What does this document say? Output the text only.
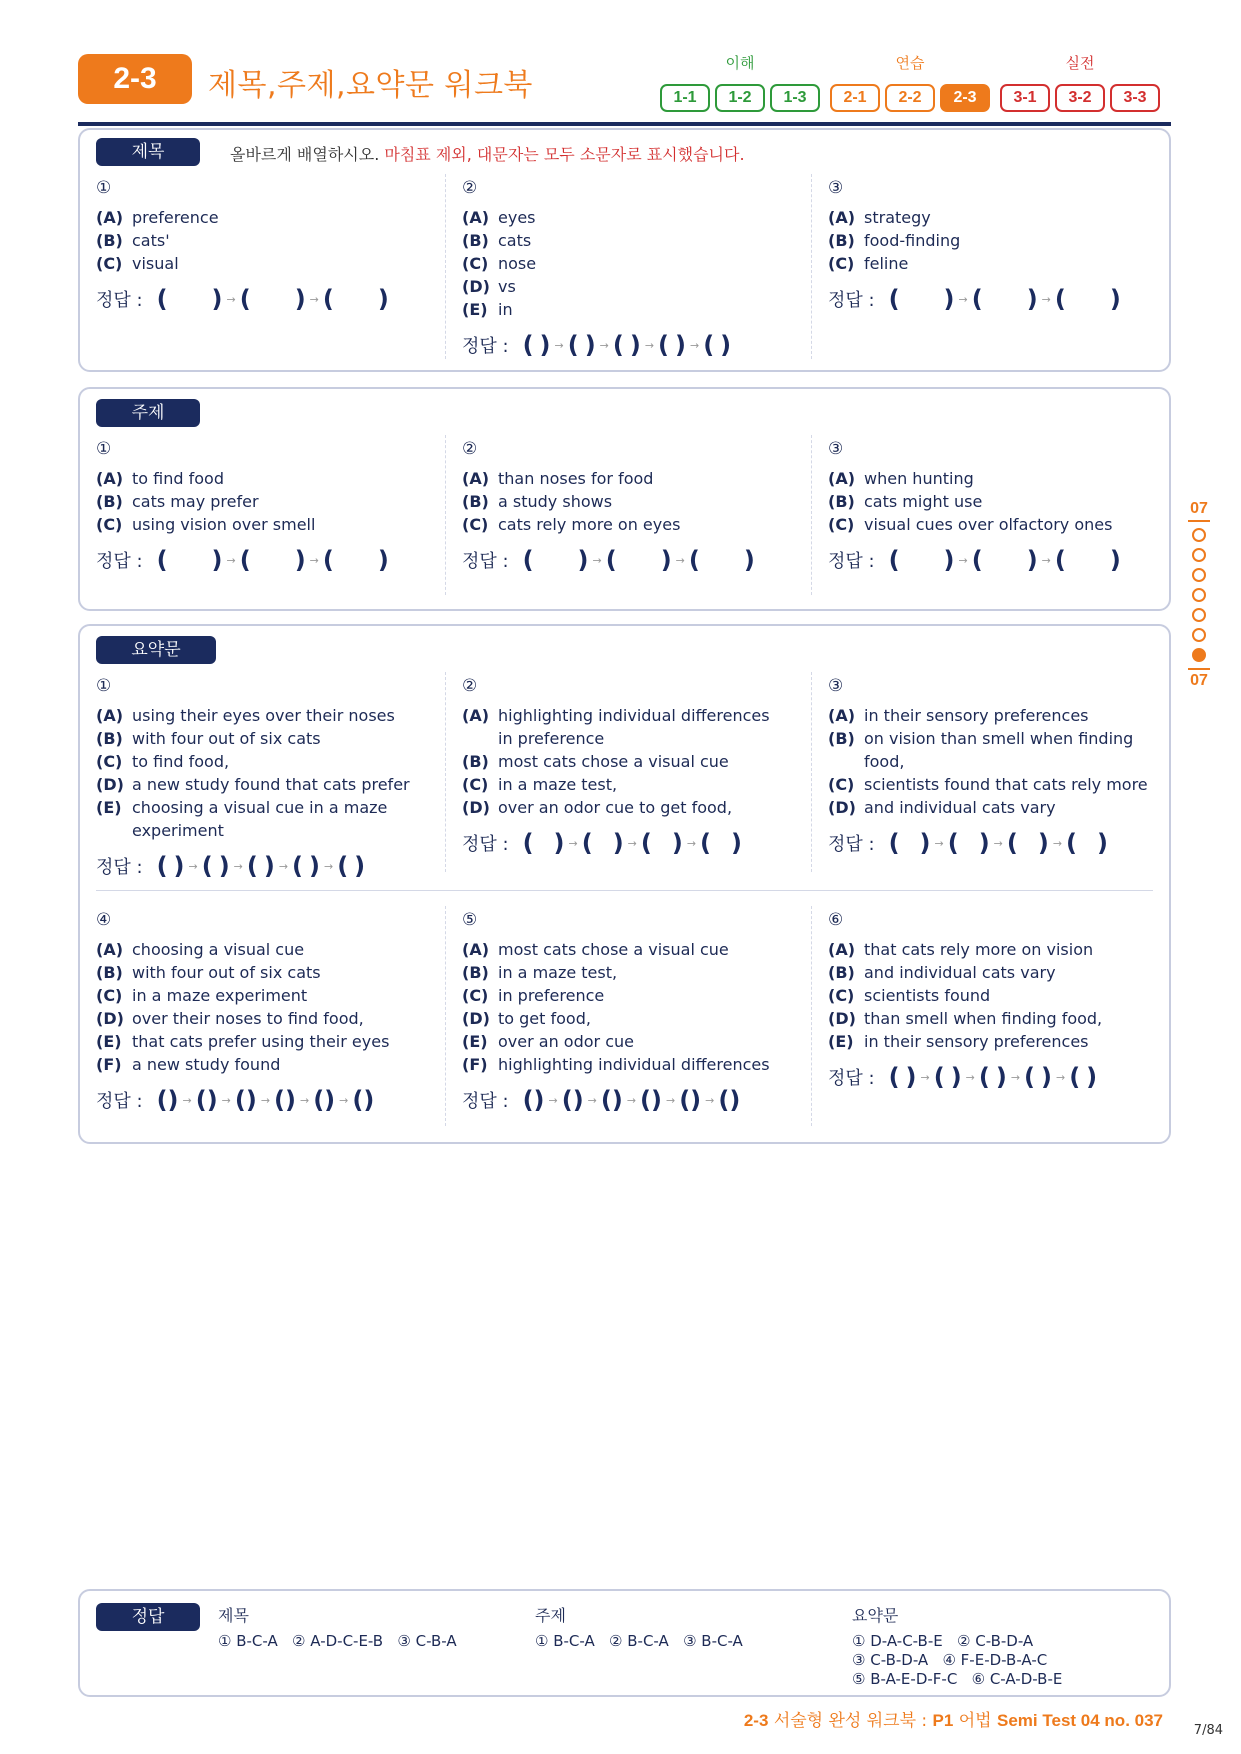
2-3	제목,주제,요약문 워크북
이해
1-1	1-2	1-3
연습
2-1	2-2	2-3
실전
3-1	3-2	3-3
제목	올바르게 배열하시오. 마침표 제외, 대문자는 모두 소문자로 표시했습니다.
①
(A) preference
(B) cats'
(C) visual
정답 : ( ) → ( ) → ( )
②
(A) eyes
(B) cats
(C) nose
(D) vs
(E) in
정답 : ( ) → ( ) → ( ) → ( ) → ( )
③
(A) strategy
(B) food-finding
(C) feline
정답 : ( ) → ( ) → ( )
주제
①
(A) to find food
(B) cats may prefer
(C) using vision over smell
정답 : ( ) → ( ) → ( )
②
(A) than noses for food
(B) a study shows
(C) cats rely more on eyes
정답 : ( ) → ( ) → ( )
③
(A) when hunting
(B) cats might use
(C) visual cues over olfactory ones
정답 : ( ) → ( ) → ( )
요약문
①
(A) using their eyes over their noses
(B) with four out of six cats
(C) to find food,
(D) a new study found that cats prefer
(E) choosing a visual cue in a maze experiment
정답 : ( ) → ( ) → ( ) → ( ) → ( )
②
(A) highlighting individual differences in preference
(B) most cats chose a visual cue
(C) in a maze test,
(D) over an odor cue to get food,
정답 : ( ) → ( ) → ( ) → ( )
③
(A) in their sensory preferences
(B) on vision than smell when finding food,
(C) scientists found that cats rely more
(D) and individual cats vary
정답 : ( ) → ( ) → ( ) → ( )
④
(A) choosing a visual cue
(B) with four out of six cats
(C) in a maze experiment
(D) over their noses to find food,
(E) that cats prefer using their eyes
(F) a new study found
정답 : () → () → () → () → () → ()
⑤
(A) most cats chose a visual cue
(B) in a maze test,
(C) in preference
(D) to get food,
(E) over an odor cue
(F) highlighting individual differences
정답 : () → () → () → () → () → ()
⑥
(A) that cats rely more on vision
(B) and individual cats vary
(C) scientists found
(D) than smell when finding food,
(E) in their sensory preferences
정답 : ( ) → ( ) → ( ) → ( ) → ( )
07
07
정답	제목
① B-C-A   ② A-D-C-E-B   ③ C-B-A
주제
① B-C-A   ② B-C-A   ③ B-C-A
요약문
① D-A-C-B-E   ② C-B-D-A
③ C-B-D-A   ④ F-E-D-B-A-C
⑤ B-A-E-D-F-C   ⑥ C-A-D-B-E
2-3 서술형 완성 워크북 : P1 어법 Semi Test 04 no. 037
7/84
